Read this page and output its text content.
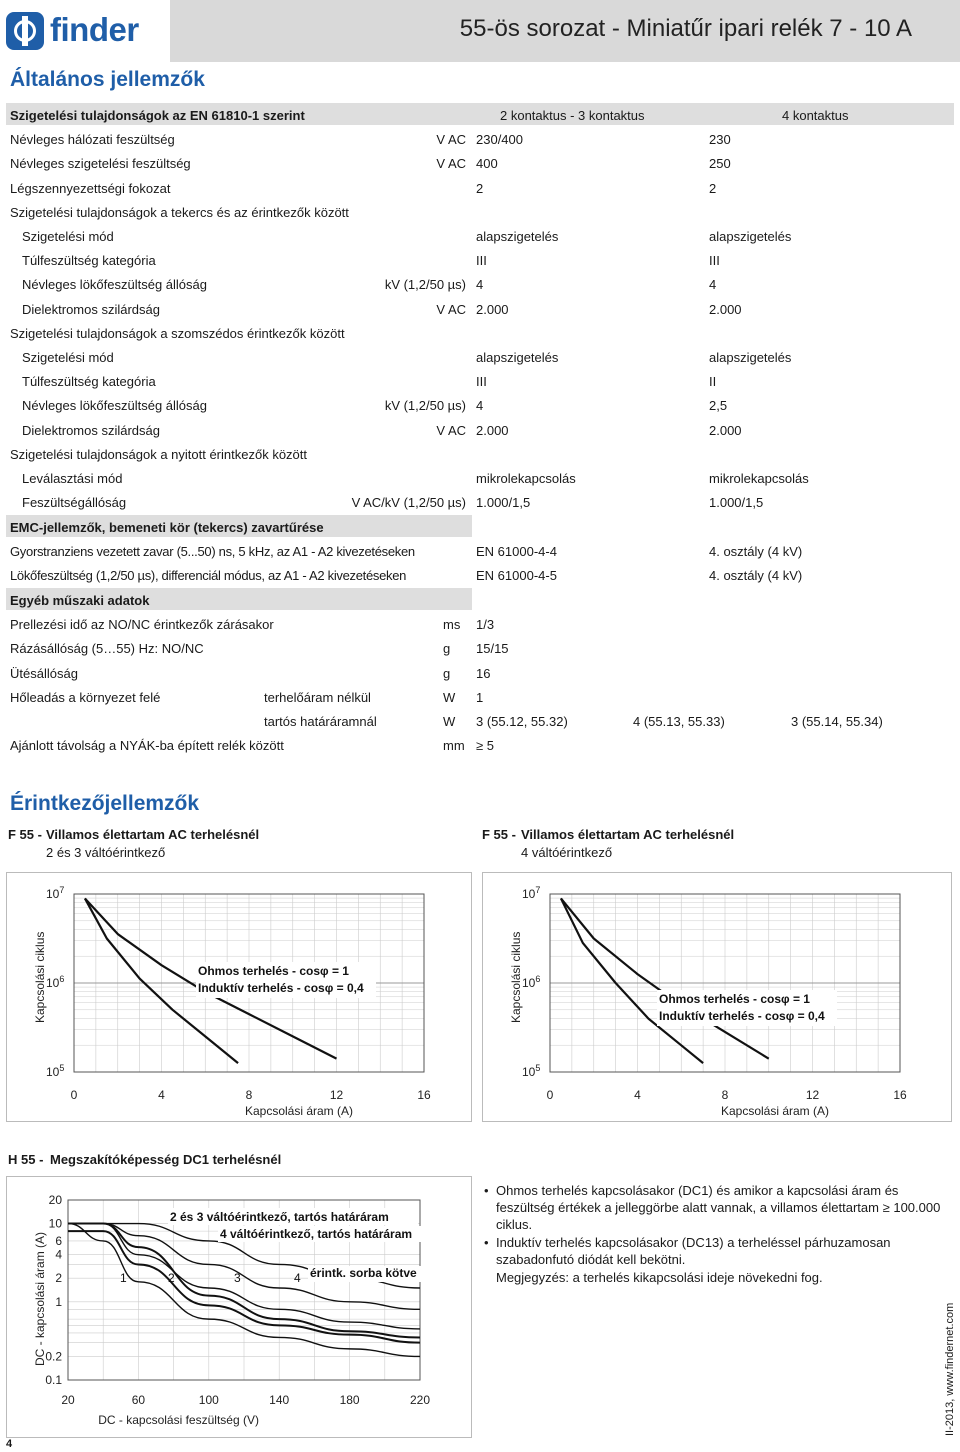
finder	55-ös sorozat - Miniatűr ipari relék 7 - 10 A
Általános jellemzők
Szigetelési tulajdonságok az EN 61810-1 szerint	2 kontaktus - 3 kontaktus	4 kontaktus
Névleges hálózati feszültség	V AC 230/400	230
Névleges szigetelési feszültség	V AC 400	250
Légszennyezettségi fokozat	2	2
Szigetelési tulajdonságok a tekercs és az érintkezők között
Szigetelési mód	alapszigetelés	alapszigetelés
Túlfeszültség kategória	III	III
Névleges lökőfeszültség állóság	kV (1,2/50 µs) 4	4
Dielektromos szilárdság	V AC 2.000	2.000
Szigetelési tulajdonságok a szomszédos érintkezők között
Szigetelési mód	alapszigetelés	alapszigetelés
Túlfeszültség kategória	III	II
Névleges lökőfeszültség állóság	kV (1,2/50 µs) 4	2,5
Dielektromos szilárdság	V AC 2.000	2.000
Szigetelési tulajdonságok a nyitott érintkezők között
Leválasztási mód	mikrolekapcsolás	mikrolekapcsolás
Feszültségállóság	V AC/kV (1,2/50 µs) 1.000/1,5	1.000/1,5
EMC-jellemzők, bemeneti kör (tekercs) zavartűrése
Gyorstranziens vezetett zavar (5...50) ns, 5 kHz, az A1 - A2 kivezetéseken	EN 61000-4-4	4. osztály (4 kV)
Lökőfeszültség (1,2/50 µs), differenciál módus, az A1 - A2 kivezetéseken	EN 61000-4-5	4. osztály (4 kV)
Egyéb műszaki adatok
Prellezési idő az NO/NC érintkezők zárásakor	ms 1/3
Rázásállóság (5…55) Hz: NO/NC	g 15/15
Ütésállóság	g 16
Hőleadás a környezet felé	terhelőáram nélkül	W 1
tartós határáramnál	W 3 (55.12, 55.32)	4 (55.13, 55.33)	3 (55.14, 55.34)
Ajánlott távolság a NYÁK-ba épített relék között	mm ≥ 5
Érintkezőjellemzők
F 55 - Villamos élettartam AC terhelésnél
2 és 3 váltóérintkező
F 55 - Villamos élettartam AC terhelésnél
4 váltóérintkező
$10^7$
$10^6$
$10^5$
0	4	8	12	16
Kapcsolási áram (A)
Kapcsolási ciklus	Ohmos terhelés - cosφ = 1
Induktív terhelés - cosφ = 0,4
$10^7$
$10^6$
$10^5$
0	4	8	12	16
Kapcsolási áram (A)
Kapcsolási ciklus	Ohmos terhelés - cosφ = 1
Induktív terhelés - cosφ = 0,4
H 55 - Megszakítóképesség DC1 terhelésnél
20
10
6
4
2
1
0.2
0.1
20	60	100	140	180	220
DC - kapcsolási feszültség (V)
DC - kapcsolási áram (A)
2 és 3 váltóérintkező, tartós határáram
4 váltóérintkező, tartós határáram
1	2	3	4 érintk. sorba kötve
• Ohmos terhelés kapcsolásakor (DC1) és amikor a kapcsolási áram és feszültség értékek a jelleggörbe alatt vannak, a villamos élettartam ≥ 100.000 ciklus.
• Induktív terhelés kapcsolásakor (DC13) a terheléssel párhuzamosan szabadonfutó diódát kell bekötni.
Megjegyzés: a terhelés kikapcsolási ideje növekedni fog.
4
II-2013, www.findernet.com
